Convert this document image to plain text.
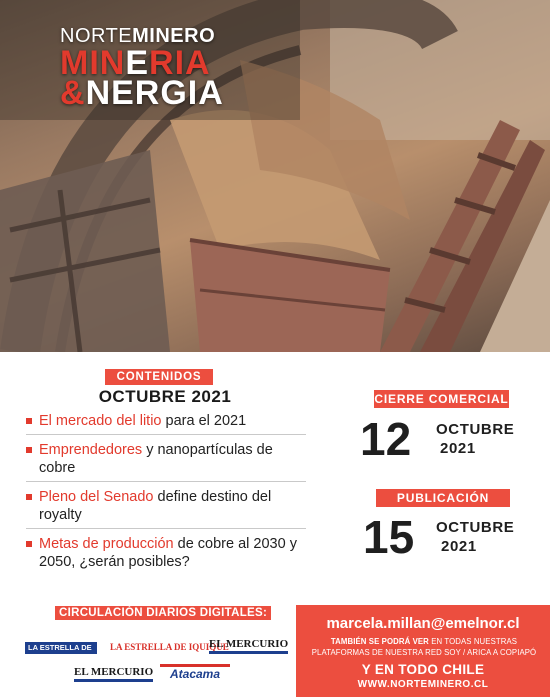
NORTEMINERO
MINERIA
&NERGIA
CONTENIDOS
OCTUBRE 2021
El mercado del litio para el 2021
Emprendedores y nanopartículas de cobre
Pleno del Senado define destino del royalty
Metas de producción de cobre al 2030 y 2050, ¿serán posibles?
CIERRE COMERCIAL
12 OCTUBRE
2021
PUBLICACIÓN
15 OCTUBRE
2021
CIRCULACIÓN DIARIOS DIGITALES:
LA ESTRELLA DE ARICA
LA ESTRELLA DE IQUIQUE
EL MERCURIO
EL MERCURIO	Atacama
marcela.millan@emelnor.cl
TAMBIÉN SE PODRÁ VER EN TODAS NUESTRAS PLATAFORMAS DE NUESTRA RED SOY / ARICA A COPIAPÓ
Y EN TODO CHILE
WWW.NORTEMINERO.CL
